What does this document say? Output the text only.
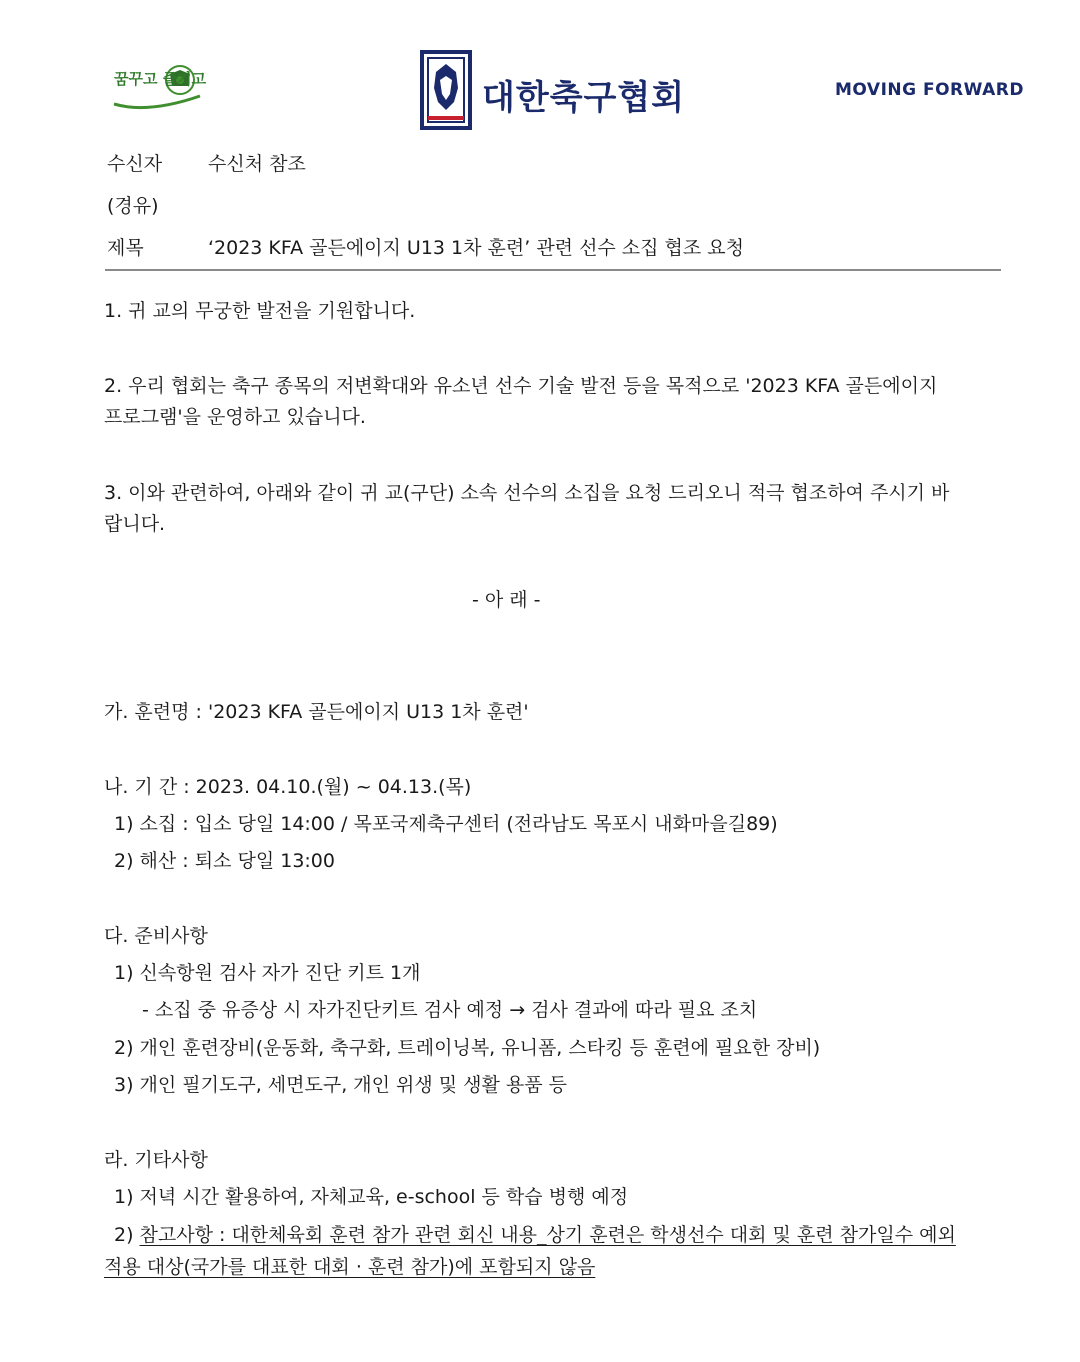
꿈꾸고 즐기고	대한축구협회	MOVING FORWARD
수신자 수신처 참조
(경유)
제목	‘2023 KFA 골든에이지 U13 1차 훈련’ 관련 선수 소집 협조 요청
1. 귀 교의 무궁한 발전을 기원합니다.
2. 우리 협회는 축구 종목의 저변확대와 유소년 선수 기술 발전 등을 목적으로 '2023 KFA 골든에이지
프로그램'을 운영하고 있습니다.
3. 이와 관련하여, 아래와 같이 귀 교(구단) 소속 선수의 소집을 요청 드리오니 적극 협조하여 주시기 바
랍니다.
- 아 래 -
가. 훈련명 : '2023 KFA 골든에이지 U13 1차 훈련'
나. 기 간 : 2023. 04.10.(월) ~ 04.13.(목)
1) 소집 : 입소 당일 14:00 / 목포국제축구센터 (전라남도 목포시 내화마을길89)
2) 해산 : 퇴소 당일 13:00
다. 준비사항
1) 신속항원 검사 자가 진단 키트 1개
- 소집 중 유증상 시 자가진단키트 검사 예정 → 검사 결과에 따라 필요 조치
2) 개인 훈련장비(운동화, 축구화, 트레이닝복, 유니폼, 스타킹 등 훈련에 필요한 장비)
3) 개인 필기도구, 세면도구, 개인 위생 및 생활 용품 등
라. 기타사항
1) 저녁 시간 활용하여, 자체교육, e-school 등 학습 병행 예정
2) 참고사항 : 대한체육회 훈련 참가 관련 회신 내용_상기 훈련은 학생선수 대회 및 훈련 참가일수 예외
적용 대상(국가를 대표한 대회 · 훈련 참가)에 포함되지 않음
